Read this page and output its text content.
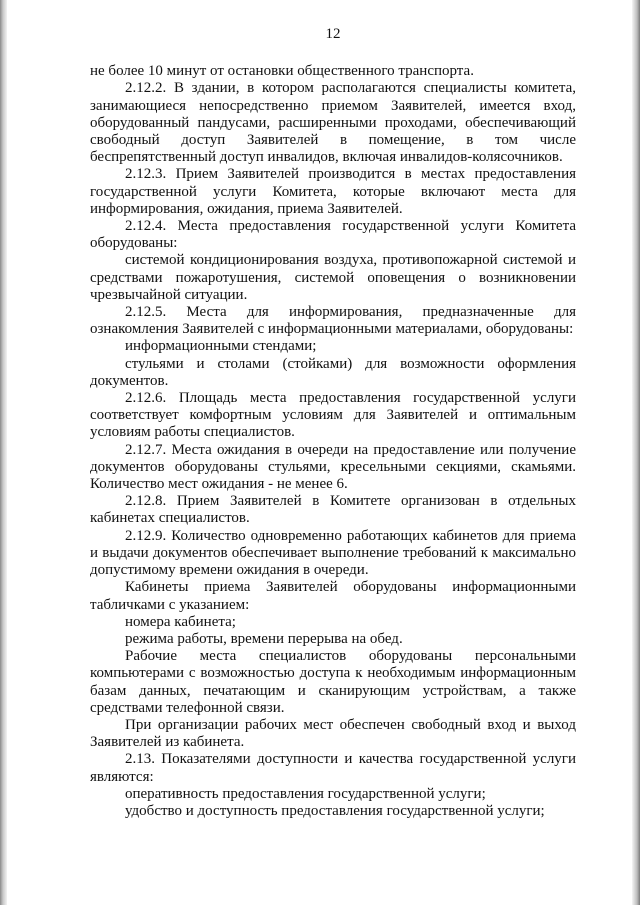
12

не более 10 минут от остановки общественного транспорта.

2.12.2. В здании, в котором располагаются специалисты комитета, занимающиеся непосредственно приемом Заявителей, имеется вход, оборудованный пандусами, расширенными проходами, обеспечивающий свободный доступ Заявителей в помещение, в том числе беспрепятственный доступ инвалидов, включая инвалидов-колясочников.

2.12.3. Прием Заявителей производится в местах предоставления государственной услуги Комитета, которые включают места для информирования, ожидания, приема Заявителей.

2.12.4. Места предоставления государственной услуги Комитета оборудованы:

системой кондиционирования воздуха, противопожарной системой и средствами пожаротушения, системой оповещения о возникновении чрезвычайной ситуации.

2.12.5. Места для информирования, предназначенные для ознакомления Заявителей с информационными материалами, оборудованы:

информационными стендами;

стульями и столами (стойками) для возможности оформления документов.

2.12.6. Площадь места предоставления государственной услуги соответствует комфортным условиям для Заявителей и оптимальным условиям работы специалистов.

2.12.7. Места ожидания в очереди на предоставление или получение документов оборудованы стульями, кресельными секциями, скамьями. Количество мест ожидания - не менее 6.

2.12.8. Прием Заявителей в Комитете организован в отдельных кабинетах специалистов.

2.12.9. Количество одновременно работающих кабинетов для приема и выдачи документов обеспечивает выполнение требований к максимально допустимому времени ожидания в очереди.

Кабинеты приема Заявителей оборудованы информационными табличками с указанием:

номера кабинета;

режима работы, времени перерыва на обед.

Рабочие места специалистов оборудованы персональными компьютерами с возможностью доступа к необходимым информационным базам данных, печатающим и сканирующим устройствам, а также средствами телефонной связи.

При организации рабочих мест обеспечен свободный вход и выход Заявителей из кабинета.

2.13. Показателями доступности и качества государственной услуги являются:

оперативность предоставления государственной услуги;

удобство и доступность предоставления государственной услуги;
